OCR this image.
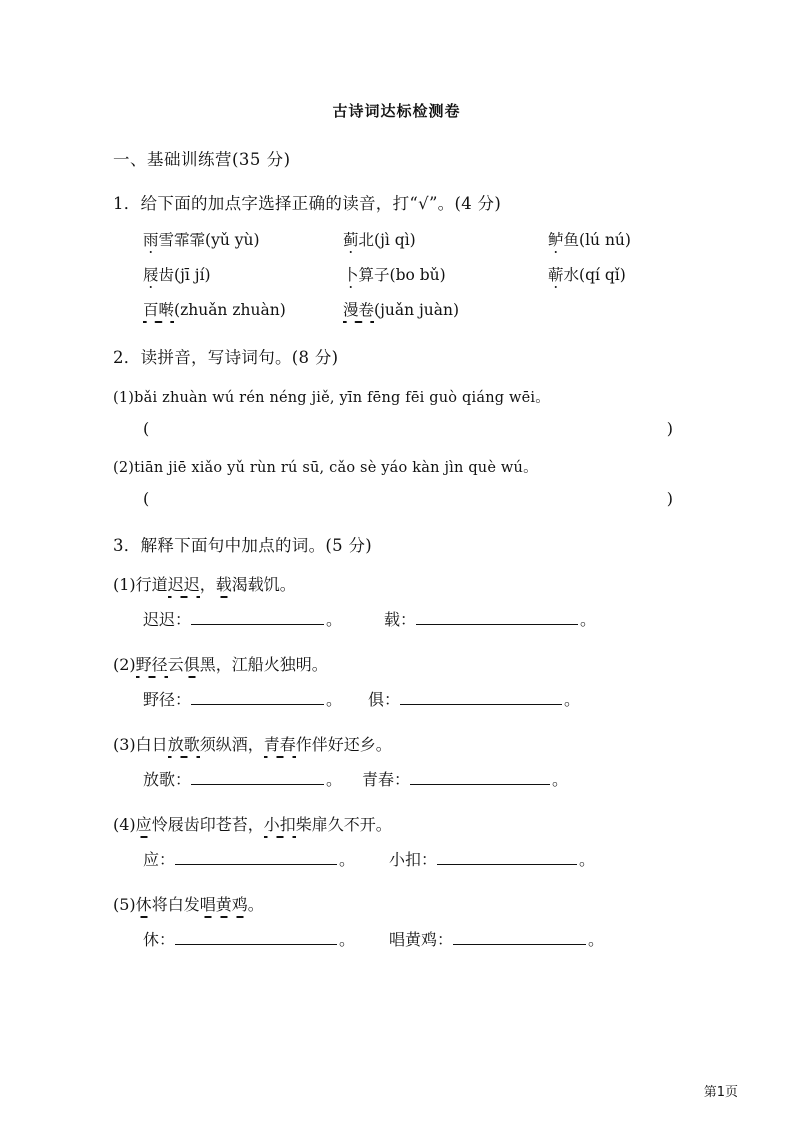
古诗词达标检测卷
一、基础训练营(35 分)
1．给下面的加点字选择正确的读音，打“√”。(4 分)
雨雪霏霏(yǔ yù)	蓟北(jì qì)	鲈鱼(lú nú)
屐齿(jī jí)	卜算子(bo bǔ)	蕲水(qí qǐ)
百啭(zhuǎn zhuàn)	漫卷(juǎn juàn)
2．读拼音，写诗词句。(8 分)
(1)bǎi zhuàn wú rén néng jiě, yīn fēng fēi guò qiáng wēi。
(	)
(2)tiān jiē xiǎo yǔ rùn rú sū, cǎo sè yáo kàn jìn què wú。
(	)
3．解释下面句中加点的词。(5 分)
(1)行道迟迟，载渴载饥。
迟迟：	。	载：	。
(2)野径云俱黑，江船火独明。
野径：	。 俱：	。
(3)白日放歌须纵酒，青春作伴好还乡。
放歌：	。 青春：	。
(4)应怜屐齿印苍苔，小扣柴扉久不开。
应：	。 小扣：	。
(5)休将白发唱黄鸡。
休：	。 唱黄鸡：	。
第1页
